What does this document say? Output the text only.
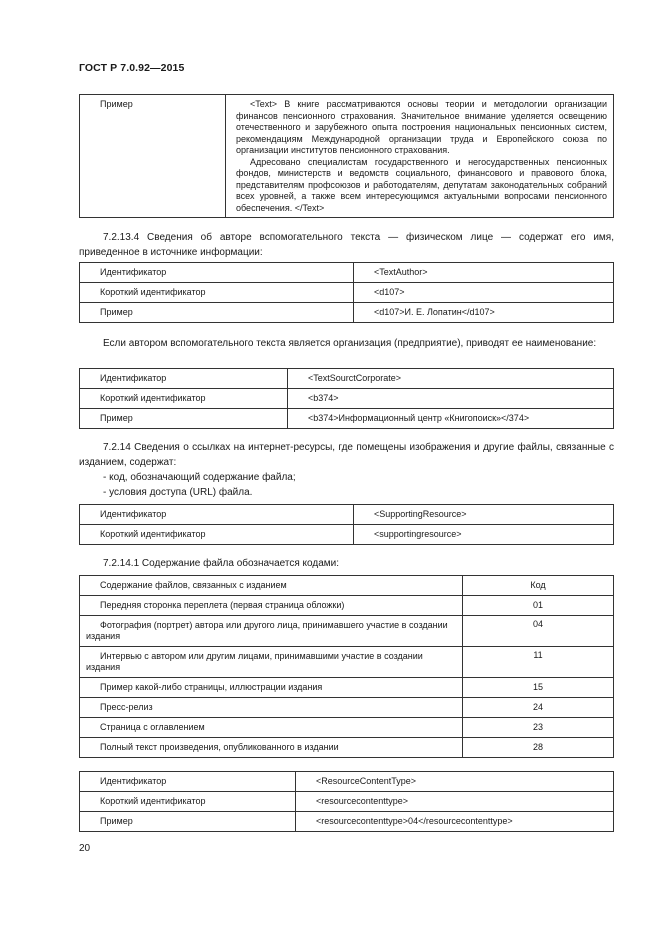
ГОСТ Р 7.0.92—2015
Пример	<Text> В книге рассматриваются основы теории и методологии организации финансов пенсионного страхования. Значительное внимание уделяется освещению отечественного и зарубежного опыта построения национальных пенсионных систем, рекомендациям Международной организации труда и Европейского союза по организации институтов пенсионного страхования.

Адресовано специалистам государственного и негосударственных пенсионных фондов, министерств и ведомств социального, финансового и правового блока, представителям профсоюзов и работодателям, депутатам законодательных собраний всех уровней, а также всем интересующимся актуальными вопросами пенсионного обеспечения. </Text>

7.2.13.4 Сведения об авторе вспомогательного текста — физическом лице — содержат его имя, приведенное в источнике информации:

Идентификатор	<TextAuthor>
Короткий идентификатор	<d107>
Пример	<d107>И. Е. Лопатин</d107>

Если автором вспомогательного текста является организация (предприятие), приводят ее наименование:

Идентификатор	<TextSourctCorporate>
Короткий идентификатор	<b374>
Пример	<b374>Информационный центр «Книгопоиск»</374>

7.2.14 Сведения о ссылках на интернет-ресурсы, где помещены изображения и другие файлы, связанные с изданием, содержат:

- код, обозначающий содержание файла;
- условия доступа (URL) файла.
Идентификатор	<SupportingResource>
Короткий идентификатор	<supportingresource>

7.2.14.1 Содержание файла обозначается кодами:

Содержание файлов, связанных с изданием	Код
Передняя сторонка переплета (первая страница обложки)	01
Фотография (портрет) автора или другого лица, принимавшего участие в создании издания	04
Интервью с автором или другим лицами, принимавшими участие в создании издания	11
Пример какой-либо страницы, иллюстрации издания	15
Пресс-релиз	24
Страница с оглавлением	23
Полный текст произведения, опубликованного в издании	28
Идентификатор	<ResourceContentType>
Короткий идентификатор	<resourcecontenttype>
Пример	<resourcecontenttype>04</resourcecontenttype>
20
